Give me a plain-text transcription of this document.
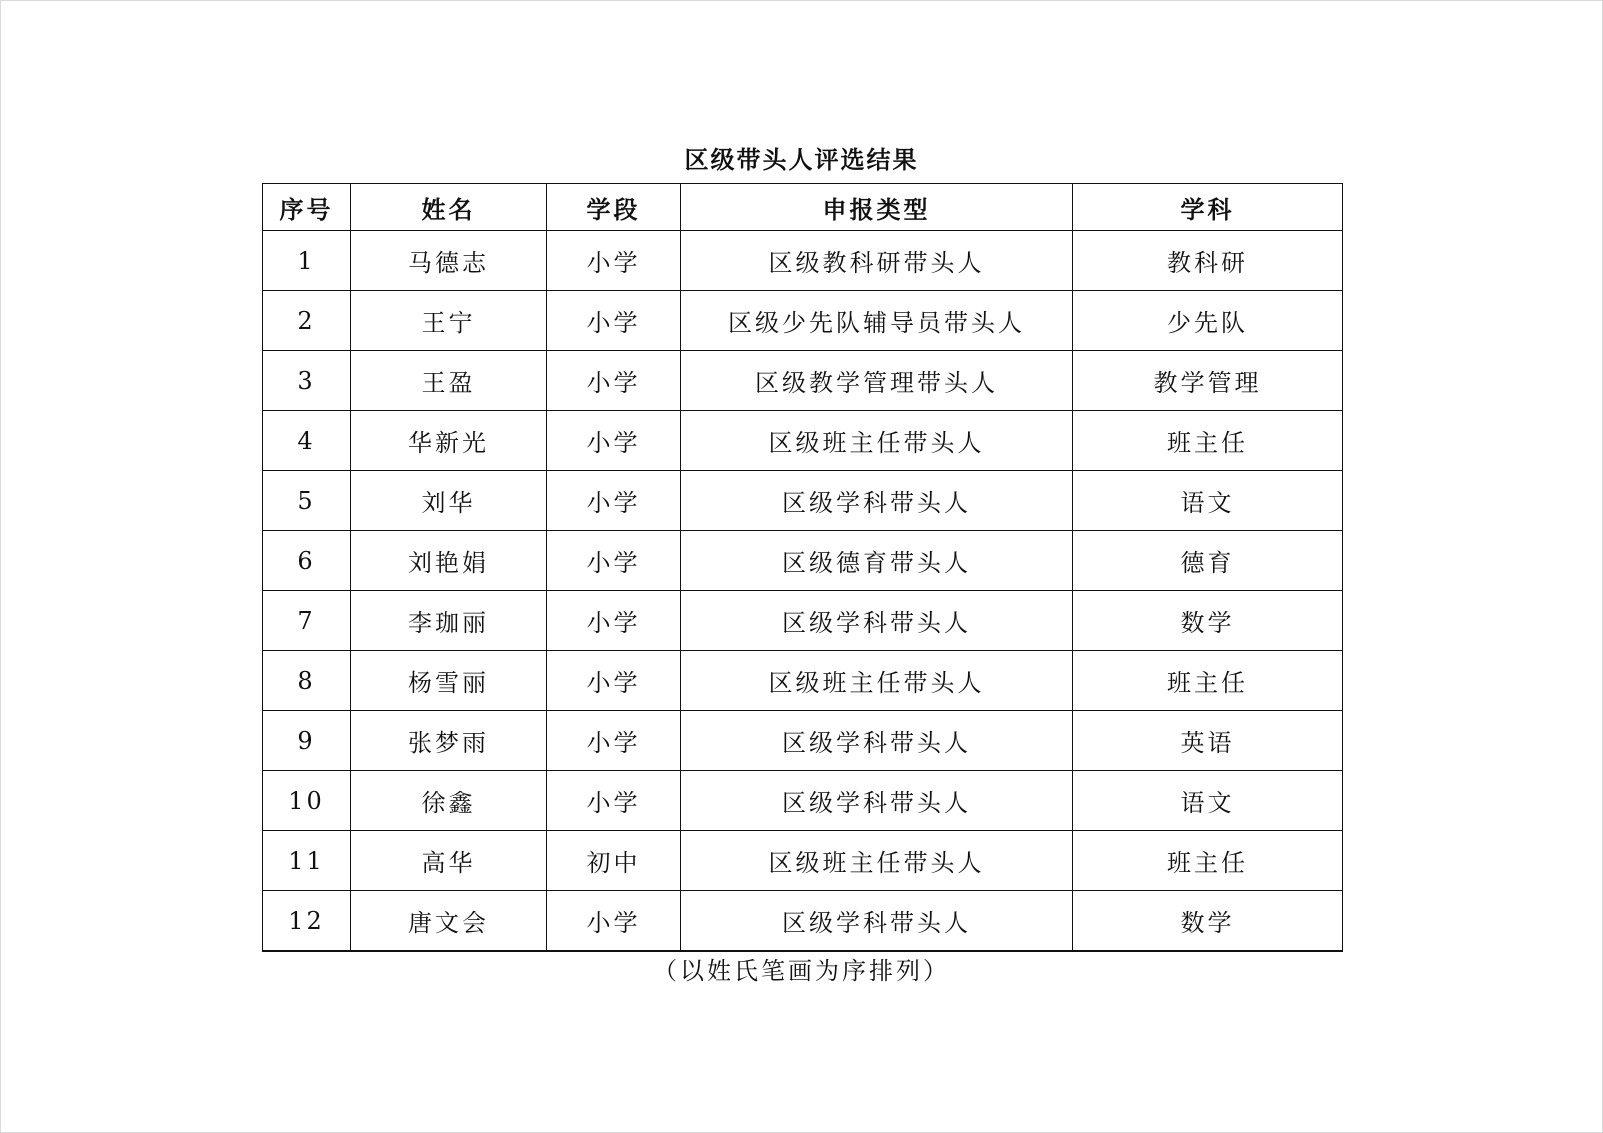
区级带头人评选结果
序号	姓名	学段	申报类型	学科
1	马德志	小学	区级教科研带头人	教科研
2	王宁	小学	区级少先队辅导员带头人	少先队
3	王盈	小学	区级教学管理带头人	教学管理
4	华新光	小学	区级班主任带头人	班主任
5	刘华	小学	区级学科带头人	语文
6	刘艳娟	小学	区级德育带头人	德育
7	李珈丽	小学	区级学科带头人	数学
8	杨雪丽	小学	区级班主任带头人	班主任
9	张梦雨	小学	区级学科带头人	英语
10	徐鑫	小学	区级学科带头人	语文
11	高华	初中	区级班主任带头人	班主任
12	唐文会	小学	区级学科带头人	数学
（以姓氏笔画为序排列）
